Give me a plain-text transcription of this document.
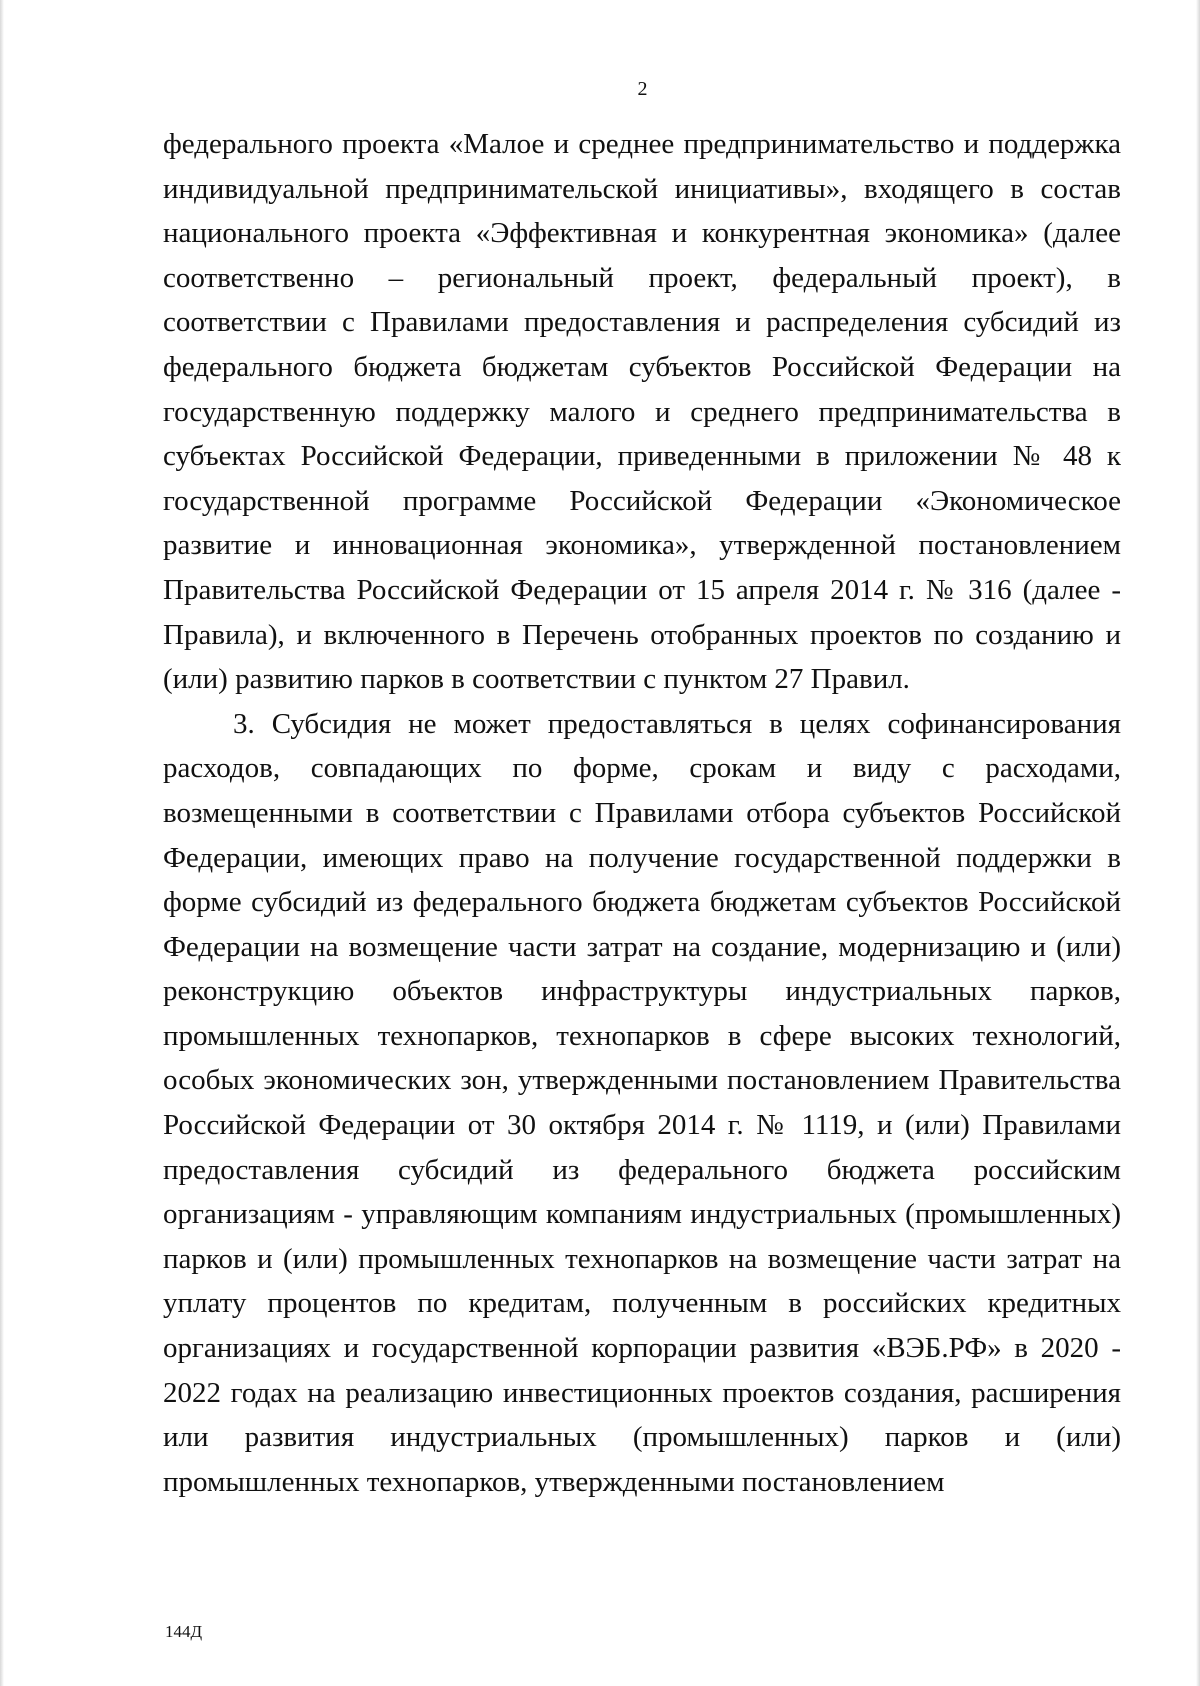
2

федерального проекта «Малое и среднее предпринимательство и поддержка индивидуальной предпринимательской инициативы», входящего в состав национального проекта «Эффективная и конкурентная экономика» (далее соответственно – региональный проект, федеральный проект), в соответствии с Правилами предоставления и распределения субсидий из федерального бюджета бюджетам субъектов Российской Федерации на государственную поддержку малого и среднего предпринимательства в субъектах Российской Федерации, приведенными в приложении № 48 к государственной программе Российской Федерации «Экономическое развитие и инновационная экономика», утвержденной постановлением Правительства Российской Федерации от 15 апреля 2014 г. № 316 (далее - Правила), и включенного в Перечень отобранных проектов по созданию и (или) развитию парков в соответствии с пунктом 27 Правил.

3. Субсидия не может предоставляться в целях софинансирования расходов, совпадающих по форме, срокам и виду с расходами, возмещенными в соответствии с Правилами отбора субъектов Российской Федерации, имеющих право на получение государственной поддержки в форме субсидий из федерального бюджета бюджетам субъектов Российской Федерации на возмещение части затрат на создание, модернизацию и (или) реконструкцию объектов инфраструктуры индустриальных парков, промышленных технопарков, технопарков в сфере высоких технологий, особых экономических зон, утвержденными постановлением Правительства Российской Федерации от 30 октября 2014 г. № 1119, и (или) Правилами предоставления субсидий из федерального бюджета российским организациям - управляющим компаниям индустриальных (промышленных) парков и (или) промышленных технопарков на возмещение части затрат на уплату процентов по кредитам, полученным в российских кредитных организациях и государственной корпорации развития «ВЭБ.РФ» в 2020 - 2022 годах на реализацию инвестиционных проектов создания, расширения или развития индустриальных (промышленных) парков и (или) промышленных технопарков, утвержденными постановлением

144Д
